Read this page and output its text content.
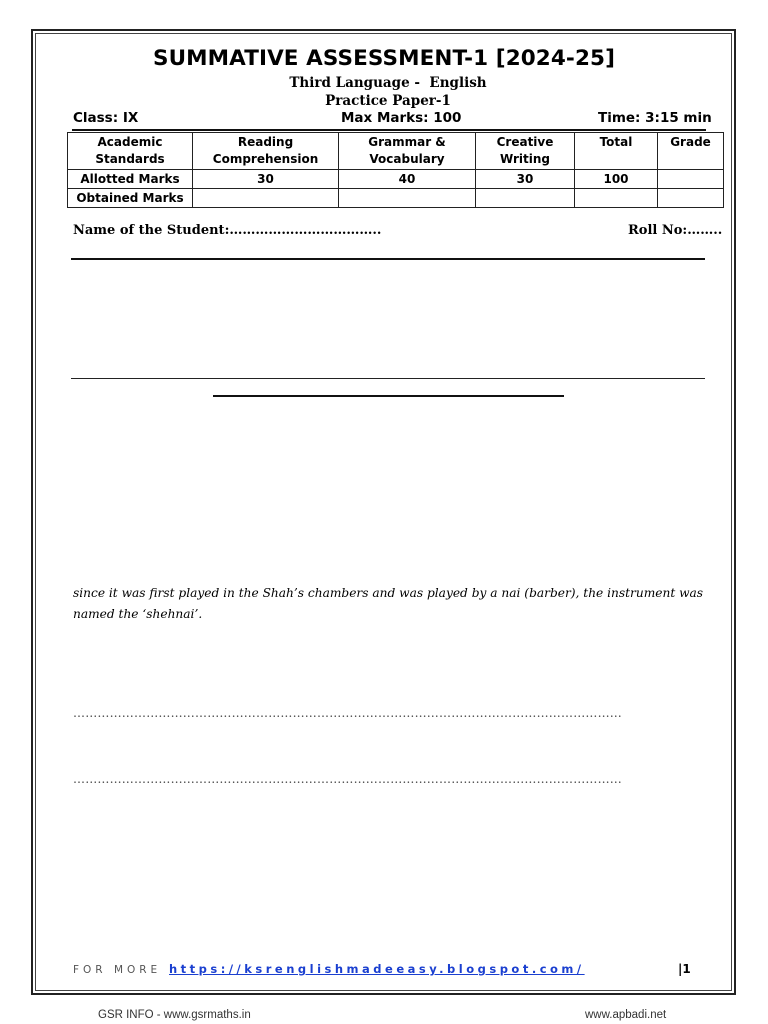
SUMMATIVE ASSESSMENT-1 [2024-25]
Third Language -  English
Practice Paper-1
Class: IX	Max Marks: 100	Time: 3:15 min
Academic Standards	Reading Comprehension	Grammar & Vocabulary	Creative Writing	Total	Grade
Allotted Marks	30	40	30	100	
Obtained Marks					
Name of the Student:……………………………..	Roll No:……..
since it was first played in the Shah’s chambers and was played by a nai (barber), the instrument was
named the ‘shehnai’.
………………………………………………………………………………………………………………………
………………………………………………………………………………………………………………………
FOR MORE https://ksrenglishmadeeasy.blogspot.com/	|1
GSR INFO - www.gsrmaths.in	www.apbadi.net
